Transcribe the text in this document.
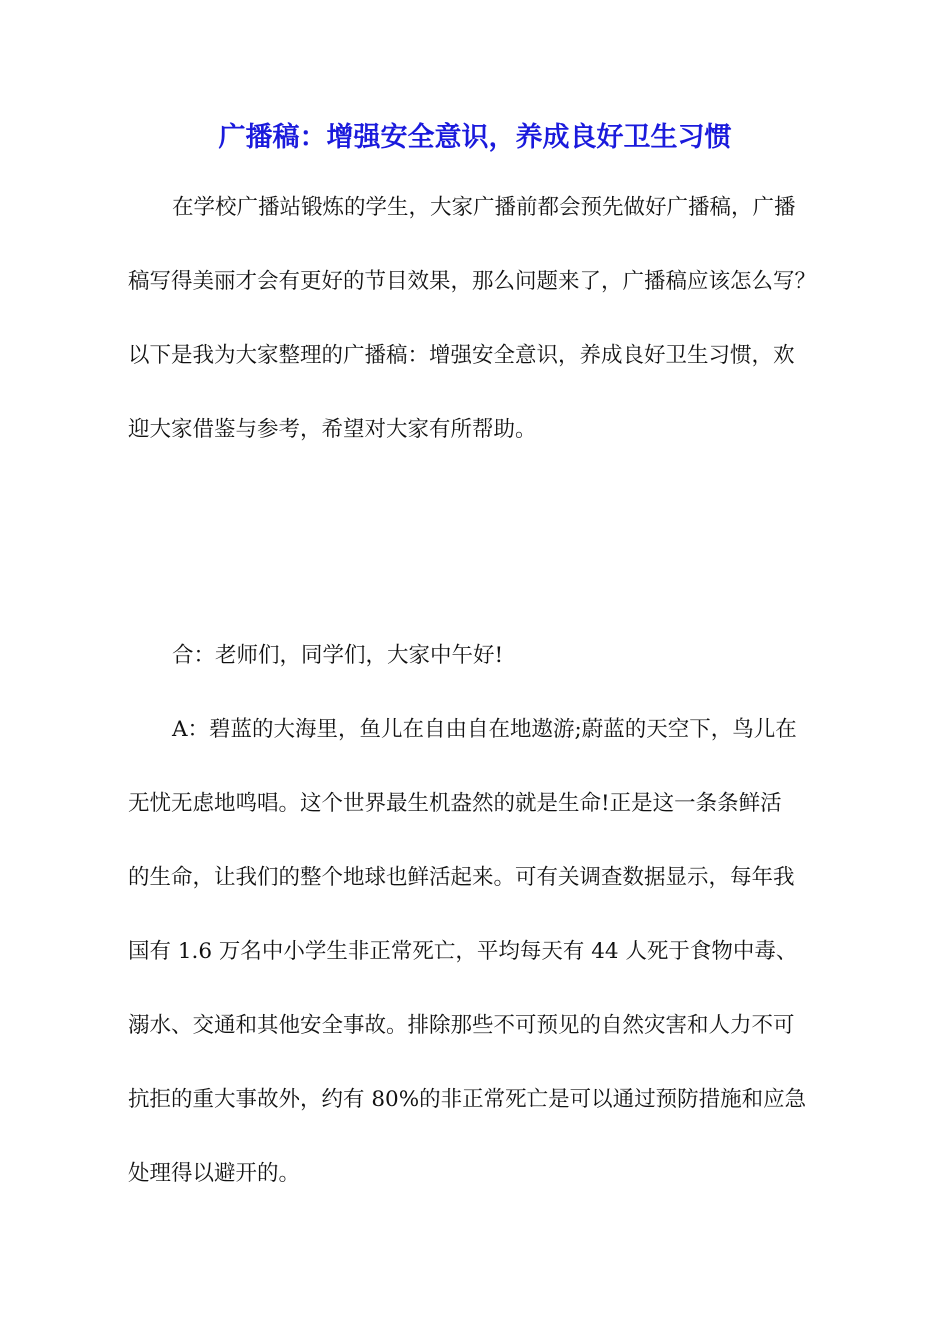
广播稿：增强安全意识，养成良好卫生习惯
在学校广播站锻炼的学生，大家广播前都会预先做好广播稿，广播
稿写得美丽才会有更好的节目效果，那么问题来了，广播稿应该怎么写？
以下是我为大家整理的广播稿：增强安全意识，养成良好卫生习惯，欢
迎大家借鉴与参考，希望对大家有所帮助。
合：老师们，同学们，大家中午好!
A：碧蓝的大海里，鱼儿在自由自在地遨游;蔚蓝的天空下，鸟儿在
无忧无虑地鸣唱。这个世界最生机盎然的就是生命!正是这一条条鲜活
的生命，让我们的整个地球也鲜活起来。可有关调查数据显示，每年我
国有 1.6 万名中小学生非正常死亡，平均每天有 44 人死于食物中毒、
溺水、交通和其他安全事故。排除那些不可预见的自然灾害和人力不可
抗拒的重大事故外，约有 80%的非正常死亡是可以通过预防措施和应急
处理得以避开的。
